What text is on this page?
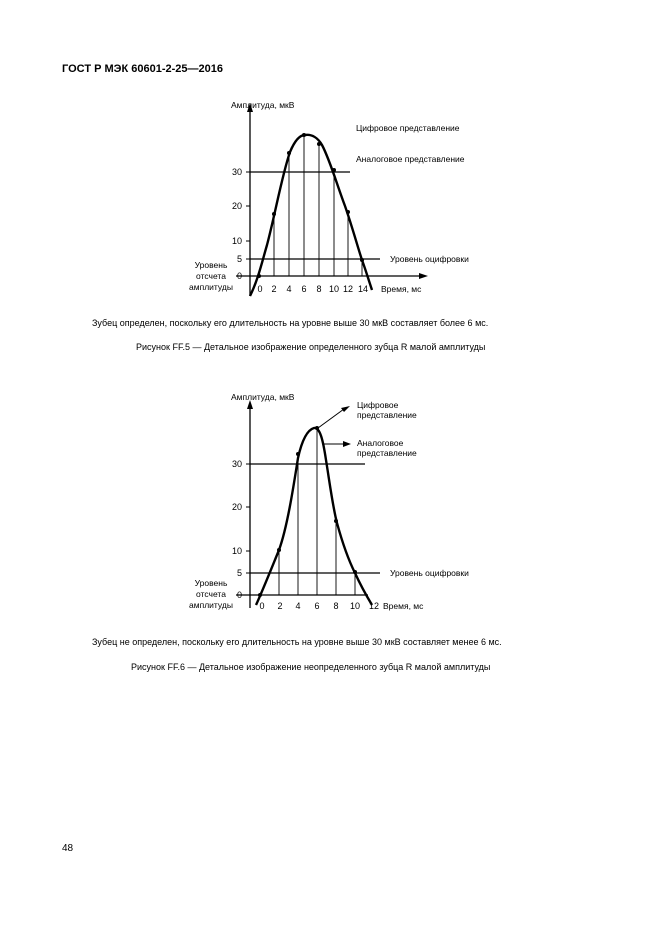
ГОСТ Р МЭК 60601-2-25—2016
30
20
10
5
0
0 2 4 6 8 10 12 14
Амплитуда, мкВ
Время, мс
Цифровое представление
Аналоговое представление
Уровень оцифровки
Уровень
отсчета
амплитуды
Зубец определен, поскольку его длительность на уровне выше 30 мкВ составляет более 6 мс.
Рисунок FF.5 — Детальное изображение определенного зубца R малой амплитуды
30
20
10
5
0
0 2 4 6 8 10 12
Амплитуда, мкВ
Время, мс
Цифровое
представление
Аналоговое
представление
Уровень оцифровки
Уровень
отсчета
амплитуды
Зубец не определен, поскольку его длительность на уровне выше 30 мкВ составляет менее 6 мс.
Рисунок FF.6 — Детальное изображение неопределенного зубца R малой амплитуды
48
